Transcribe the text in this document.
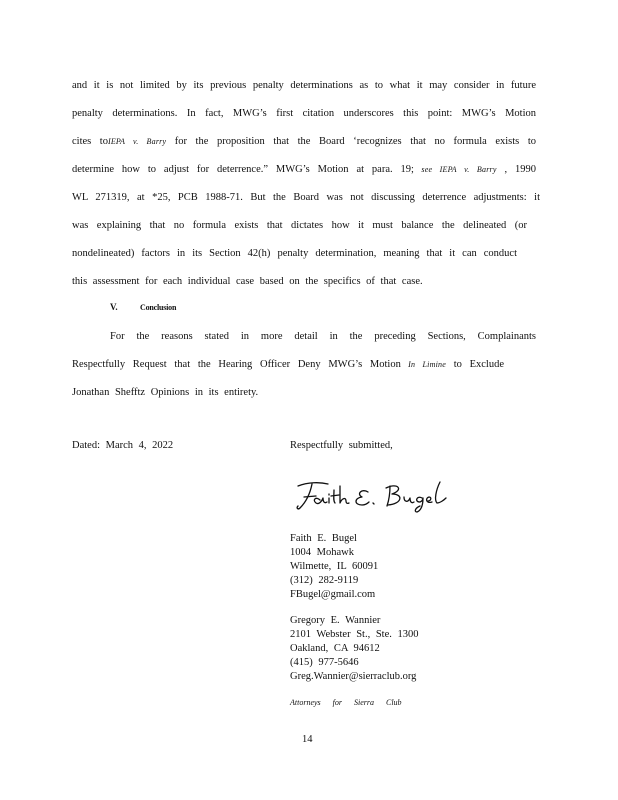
and it is not limited by its previous penalty determinations as to what it may consider in future
penalty determinations. In fact, MWG’s first citation underscores this point: MWG’s Motion
cites toIEPA v. Barry for the proposition that the Board ‘recognizes that no formula exists to
determine how to adjust for deterrence.” MWG’s Motion at para. 19; see IEPA v. Barry , 1990
WL 271319, at *25, PCB 1988-71. But the Board was not discussing deterrence adjustments: it
was explaining that no formula exists that dictates how it must balance the delineated (or
nondelineated) factors in its Section 42(h) penalty determination, meaning that it can conduct
this assessment for each individual case based on the specifics of that case.
V.	Conclusion
For the reasons stated in more detail in the preceding Sections, Complainants
Respectfully Request that the Hearing Officer Deny MWG’s Motion In Limine to Exclude
Jonathan Shefftz Opinions in its entirety.
Dated: March 4, 2022	Respectfully submitted,
Faith E. Bugel
1004 Mohawk
Wilmette, IL 60091
(312) 282-9119
FBugel@gmail.com
Gregory E. Wannier
2101 Webster St., Ste. 1300
Oakland, CA 94612
(415) 977-5646
Greg.Wannier@sierraclub.org
Attorneys for Sierra Club
14
